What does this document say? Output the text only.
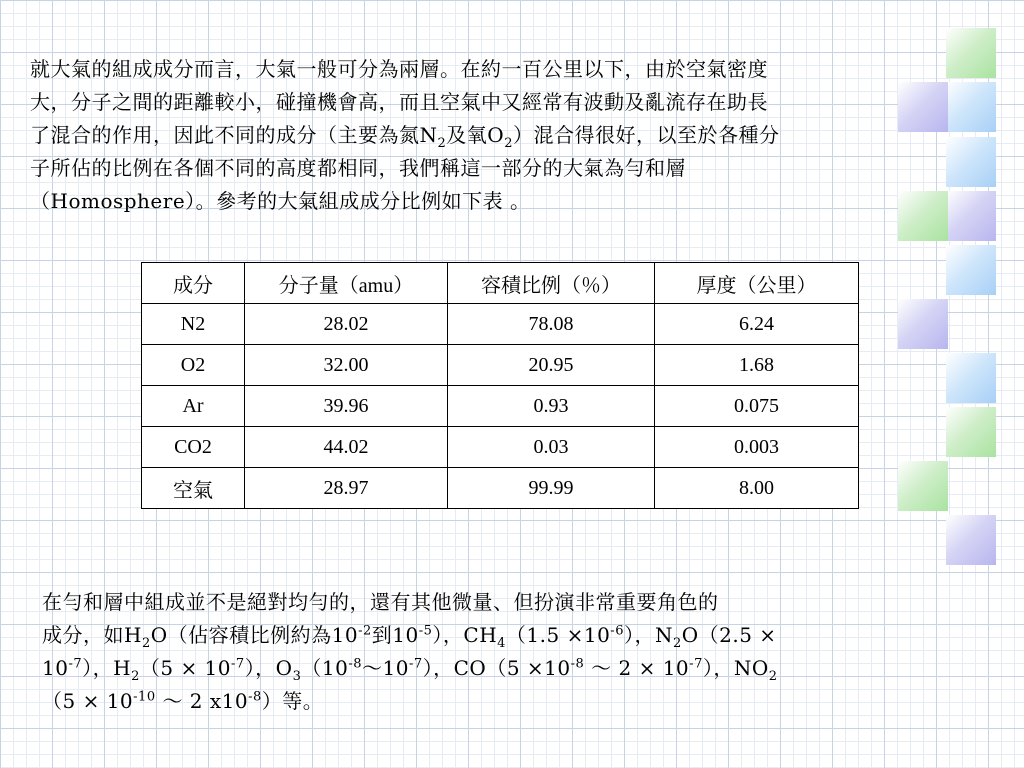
就大氣的組成成分而言，大氣一般可分為兩層。在約一百公里以下，由於空氣密度
大，分子之間的距離較小，碰撞機會高，而且空氣中又經常有波動及亂流存在助長
了混合的作用，因此不同的成分（主要為氮$N_2$及氧$O_2$）混合得很好，以至於各種分
子所佔的比例在各個不同的高度都相同，我們稱這一部分的大氣為勻和層
（Homosphere）。參考的大氣組成成分比例如下表 。
成分	分子量（amu）	容積比例（％）	厚度（公里）
N2	28.02	78.08	6.24
O2	32.00	20.95	1.68
Ar	39.96	0.93	0.075
CO2	44.02	0.03	0.003
空氣	28.97	99.99	8.00
在勻和層中組成並不是絕對均勻的，還有其他微量、但扮演非常重要角色的
成分，如$H_2O$（佔容積比例約為$10^{-2}$到$10^{-5}$），$CH_4(1.5 \times 10^{-6})$，$N_2O(2.5$ ×
$10^{-7}$），$H_2(5 \times 10^{-7})$，$O_3(10^{-8}\sim 10^{-7})$，$CO(5 \times 10^{-8}$ ～ $2 \times 10^{-7}$），$NO_2$
（$5 \times 10^{-10}$ ～ 2 $x10^{-8}$）等。
